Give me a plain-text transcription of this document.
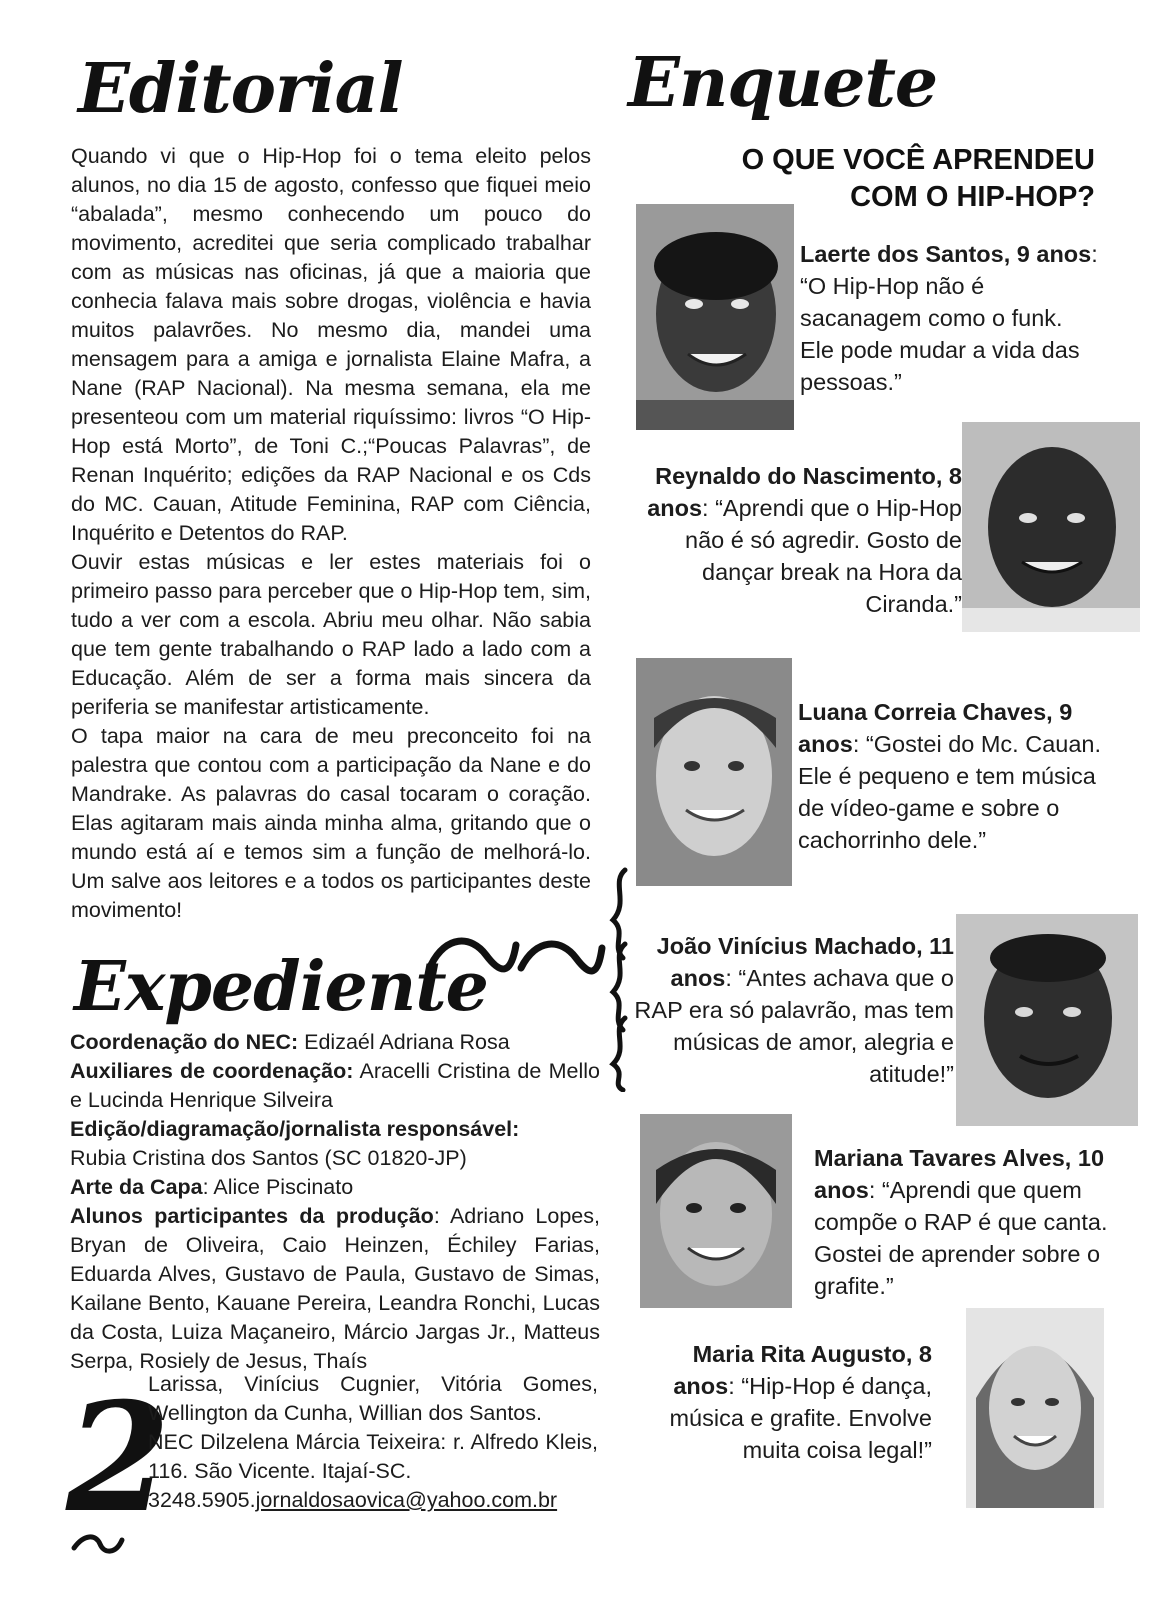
Editorial

Quando vi que o Hip-Hop foi o tema eleito pelos alunos, no dia 15 de agosto, confesso que fiquei meio “abalada”, mesmo conhecendo um pouco do movimento, acreditei que seria complicado trabalhar com as músicas nas oficinas, já que a maioria que conhecia falava mais sobre drogas, violência e havia muitos palavrões. No mesmo dia, mandei uma mensagem para a amiga e jornalista Elaine Mafra, a Nane (RAP Nacional). Na mesma semana, ela me presenteou com um material riquíssimo: livros “O Hip-Hop está Morto”, de Toni C.;“Poucas Palavras”, de Renan Inquérito; edições da RAP Nacional e os Cds do MC. Cauan, Atitude Feminina, RAP com Ciência, Inquérito e Detentos do RAP.

Ouvir estas músicas e ler estes materiais foi o primeiro passo para perceber que o Hip-Hop tem, sim, tudo a ver com a escola. Abriu meu olhar. Não sabia que tem gente trabalhando o RAP lado a lado com a Educação. Além de ser a forma mais sincera da periferia se manifestar artisticamente.

O tapa maior na cara de meu preconceito foi na palestra que contou com a participação da Nane e do Mandrake. As palavras do casal tocaram o coração. Elas agitaram mais ainda minha alma, gritando que o mundo está aí e temos sim a função de melhorá-lo. Um salve aos leitores e a todos os participantes deste movimento!

Expediente
Coordenação do NEC: Edizaél Adriana Rosa
Auxiliares de coordenação: Aracelli Cristina de Mello e Lucinda Henrique Silveira
Edição/diagramação/jornalista responsável:
Rubia Cristina dos Santos (SC 01820-JP)
Arte da Capa: Alice Piscinato
Alunos participantes da produção: Adriano Lopes, Bryan de Oliveira, Caio Heinzen, Échiley Farias, Eduarda Alves, Gustavo de Paula, Gustavo de Simas, Kailane Bento, Kauane Pereira, Leandra Ronchi, Lucas da Costa, Luiza Maçaneiro, Márcio Jargas Jr., Matteus Serpa, Rosiely de Jesus, Thaís
2
Larissa, Vinícius Cugnier, Vitória Gomes, Wellington da Cunha, Willian dos Santos.
NEC Dilzelena Márcia Teixeira: r. Alfredo Kleis, 116. São Vicente. Itajaí-SC.
3248.5905.jornaldosaovica@yahoo.com.br
Enquete
O QUE VOCÊ APRENDEU
COM O HIP-HOP?
Laerte dos Santos, 9 anos: “O Hip-Hop não é sacanagem como o funk. Ele pode mudar a vida das pessoas.”
Reynaldo do Nascimento, 8 anos: “Aprendi que o Hip-Hop não é só agredir. Gosto de dançar break na Hora da Ciranda.”
Luana Correia Chaves, 9 anos: “Gostei do Mc. Cauan. Ele é pequeno e tem música de vídeo-game e sobre o cachorrinho dele.”
João Vinícius Machado, 11 anos: “Antes achava que o RAP era só palavrão, mas tem músicas de amor, alegria e atitude!”
Mariana Tavares Alves, 10 anos: “Aprendi que quem compõe o RAP é que canta. Gostei de aprender sobre o grafite.”
Maria Rita Augusto, 8 anos: “Hip-Hop é dança, música e grafite. Envolve muita coisa legal!”
